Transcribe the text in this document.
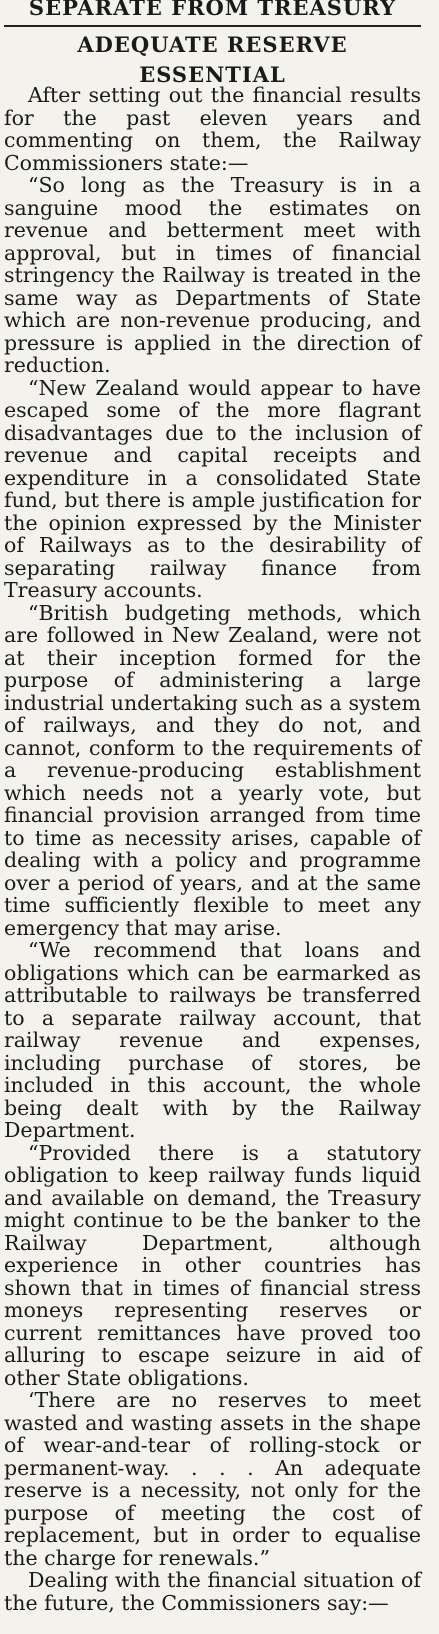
SEPARATE FROM TREASURY
ADEQUATE RESERVE ESSENTIAL

After setting out the financial results for the past eleven years and commenting on them, the Railway Commissioners state:—

“So long as the Treasury is in a sanguine mood the estimates on revenue and betterment meet with approval, but in times of financial stringency the Railway is treated in the same way as Departments of State which are non-revenue producing, and pressure is applied in the direction of reduction.

“New Zealand would appear to have escaped some of the more flagrant disadvantages due to the inclusion of revenue and capital receipts and expenditure in a consolidated State fund, but there is ample justification for the opinion expressed by the Minister of Railways as to the desirability of separating railway finance from Treasury accounts.

“British budgeting methods, which are followed in New Zealand, were not at their inception formed for the purpose of administering a large industrial undertaking such as a system of railways, and they do not, and cannot, conform to the requirements of a revenue-producing establishment which needs not a yearly vote, but financial provision arranged from time to time as necessity arises, capable of dealing with a policy and programme over a period of years, and at the same time sufficiently flexible to meet any emergency that may arise.

“We recommend that loans and obligations which can be earmarked as attributable to railways be transferred to a separate railway account, that railway revenue and expenses, including purchase of stores, be included in this account, the whole being dealt with by the Railway Department.

“Provided there is a statutory obligation to keep railway funds liquid and available on demand, the Treasury might continue to be the banker to the Railway Department, although experience in other countries has shown that in times of financial stress moneys representing reserves or current remittances have proved too alluring to escape seizure in aid of other State obligations.

‘There are no reserves to meet wasted and wasting assets in the shape of wear-and-tear of rolling-stock or permanent-way. . . . An adequate reserve is a necessity, not only for the purpose of meeting the cost of replacement, but in order to equalise the charge for renewals.”

Dealing with the financial situation of the future, the Commissioners say:—
